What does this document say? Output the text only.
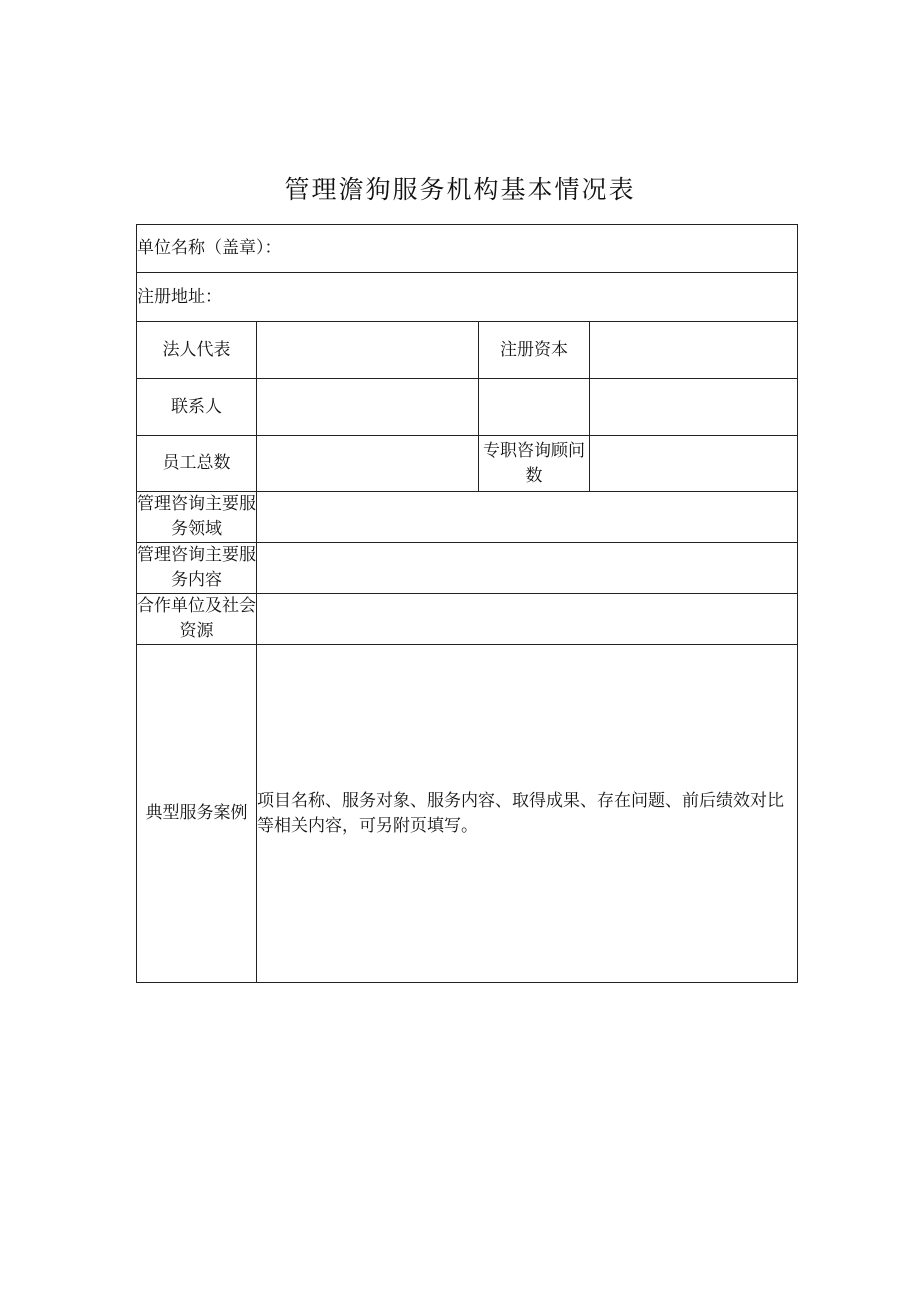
管理澹狗服务机构基本情况表
单位名称（盖章）：			
注册地址：			
法人代表		注册资本	
联系人			
员工总数		专职咨询顾问数	
管理咨询主要服务领域			
管理咨询主要服务内容			
合作单位及社会资源			
典型服务案例	项目名称、服务对象、服务内容、取得成果、存在问题、前后绩效对比等相关内容，可另附页填写。		
